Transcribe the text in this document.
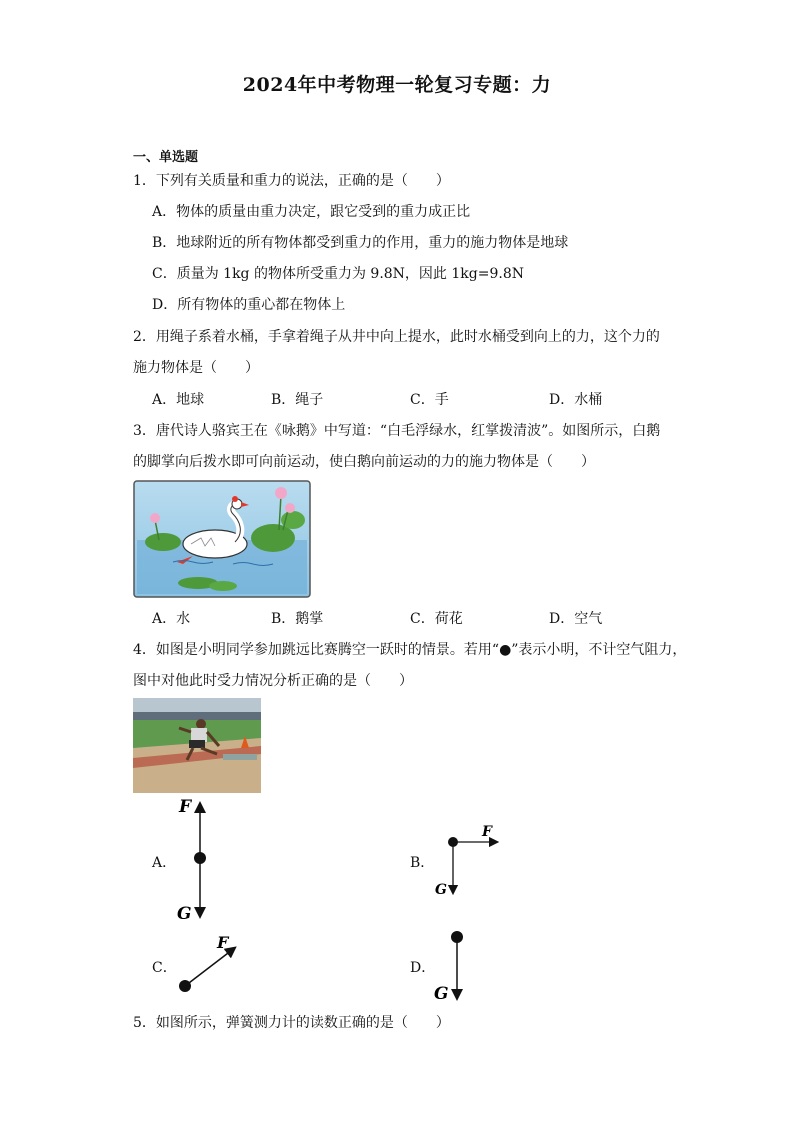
2024年中考物理一轮复习专题：力
一、单选题
1．下列有关质量和重力的说法，正确的是（　　）
A．物体的质量由重力决定，跟它受到的重力成正比
B．地球附近的所有物体都受到重力的作用，重力的施力物体是地球
C．质量为 1kg 的物体所受重力为 9.8N，因此 1kg=9.8N
D．所有物体的重心都在物体上
2．用绳子系着水桶，手拿着绳子从井中向上提水，此时水桶受到向上的力，这个力的
施力物体是（　　）
A．地球	B．绳子	C．手	D．水桶
3．唐代诗人骆宾王在《咏鹅》中写道：“白毛浮绿水，红掌拨清波”。如图所示，白鹅
的脚掌向后拨水即可向前运动，使白鹅向前运动的力的施力物体是（　　）
A．水	B．鹅掌	C．荷花	D．空气
4．如图是小明同学参加跳远比赛腾空一跃时的情景。若用“●”表示小明，不计空气阻力，
图中对他此时受力情况分析正确的是（　　）
A．
F
G
B．
F
G
C．
F
D．
G
5．如图所示，弹簧测力计的读数正确的是（　　）
